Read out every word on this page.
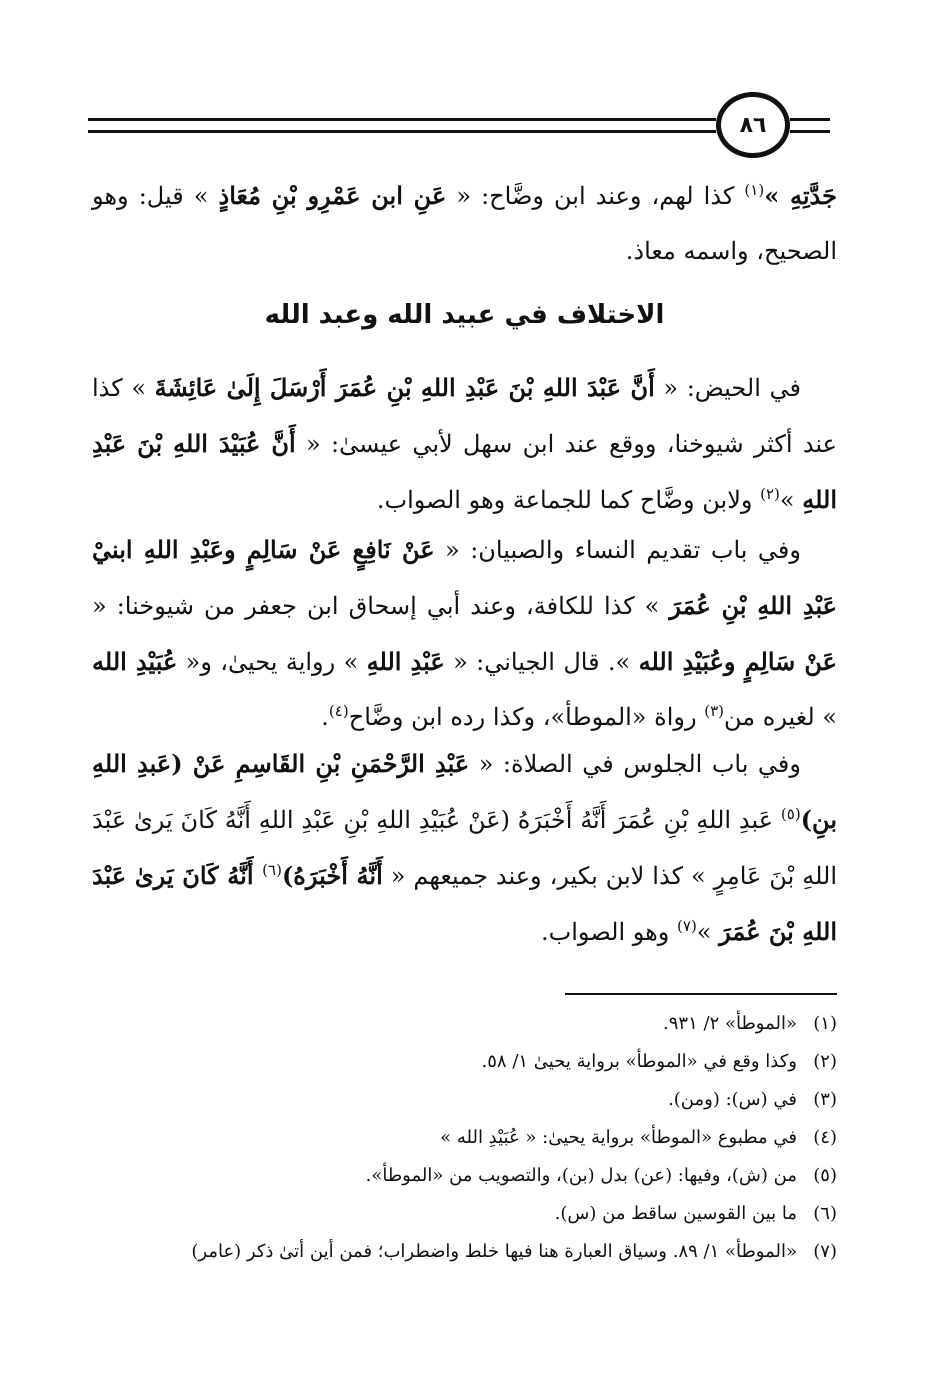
٨٦

جَدَّتِهِ »$^{(١)}$ كذا لهم، وعند ابن وضَّاح: « عَنِ ابن عَمْرِو بْنِ مُعَاذٍ » قيل: وهو الصحيح، واسمه معاذ.

الاختلاف في عبيد الله وعبد الله

في الحيض: « أَنَّ عَبْدَ اللهِ بْنَ عَبْدِ اللهِ بْنِ عُمَرَ أَرْسَلَ إِلَىٰ عَائِشَةَ » كذا عند أكثر شيوخنا، ووقع عند ابن سهل لأبي عيسىٰ: « أَنَّ عُبَيْدَ اللهِ بْنَ عَبْدِ اللهِ »$^{(٢)}$ ولابن وضَّاح كما للجماعة وهو الصواب.

وفي باب تقديم النساء والصبيان: « عَنْ نَافِعٍ عَنْ سَالِمٍ وعَبْدِ اللهِ ابنيْ عَبْدِ اللهِ بْنِ عُمَرَ » كذا للكافة، وعند أبي إسحاق ابن جعفر من شيوخنا: « عَنْ سَالِمٍ وعُبَيْدِ الله ». قال الجياني: « عَبْدِ اللهِ » رواية يحيىٰ، و« عُبَيْدِ الله » لغيره من$^{(٣)}$ رواة «الموطأ»، وكذا رده ابن وضَّاح$^{(٤)}$.

وفي باب الجلوس في الصلاة: « عَبْدِ الرَّحْمَنِ بْنِ القَاسِمِ عَنْ (عَبدِ اللهِ بنِ)$^{(٥)}$ عَبدِ اللهِ بْنِ عُمَرَ أَنَّهُ أَخْبَرَهُ (عَنْ عُبَيْدِ اللهِ بْنِ عَبْدِ اللهِ أَنَّهُ كَانَ يَرىٰ عَبْدَ اللهِ بْنَ عَامِرٍ » كذا لابن بكير، وعند جميعهم « أَنَّهُ أَخْبَرَهُ)$^{(٦)}$ أَنَّهُ كَانَ يَرىٰ عَبْدَ اللهِ بْنَ عُمَرَ »$^{(٧)}$ وهو الصواب.

(١)
«الموطأ» ٢/ ٩٣١.
(٢)
وكذا وقع في «الموطأ» برواية يحيىٰ ١/ ٥٨.
(٣)
في (س): (ومن).
(٤)
في مطبوع «الموطأ» برواية يحيىٰ: « عُبَيْدِ الله »
(٥)
من (ش)، وفيها: (عن) بدل (بن)، والتصويب من «الموطأ».
(٦)
ما بين القوسين ساقط من (س).
(٧)
«الموطأ» ١/ ٨٩. وسياق العبارة هنا فيها خلط واضطراب؛ فمن أين أتىٰ ذكر (عامر)
